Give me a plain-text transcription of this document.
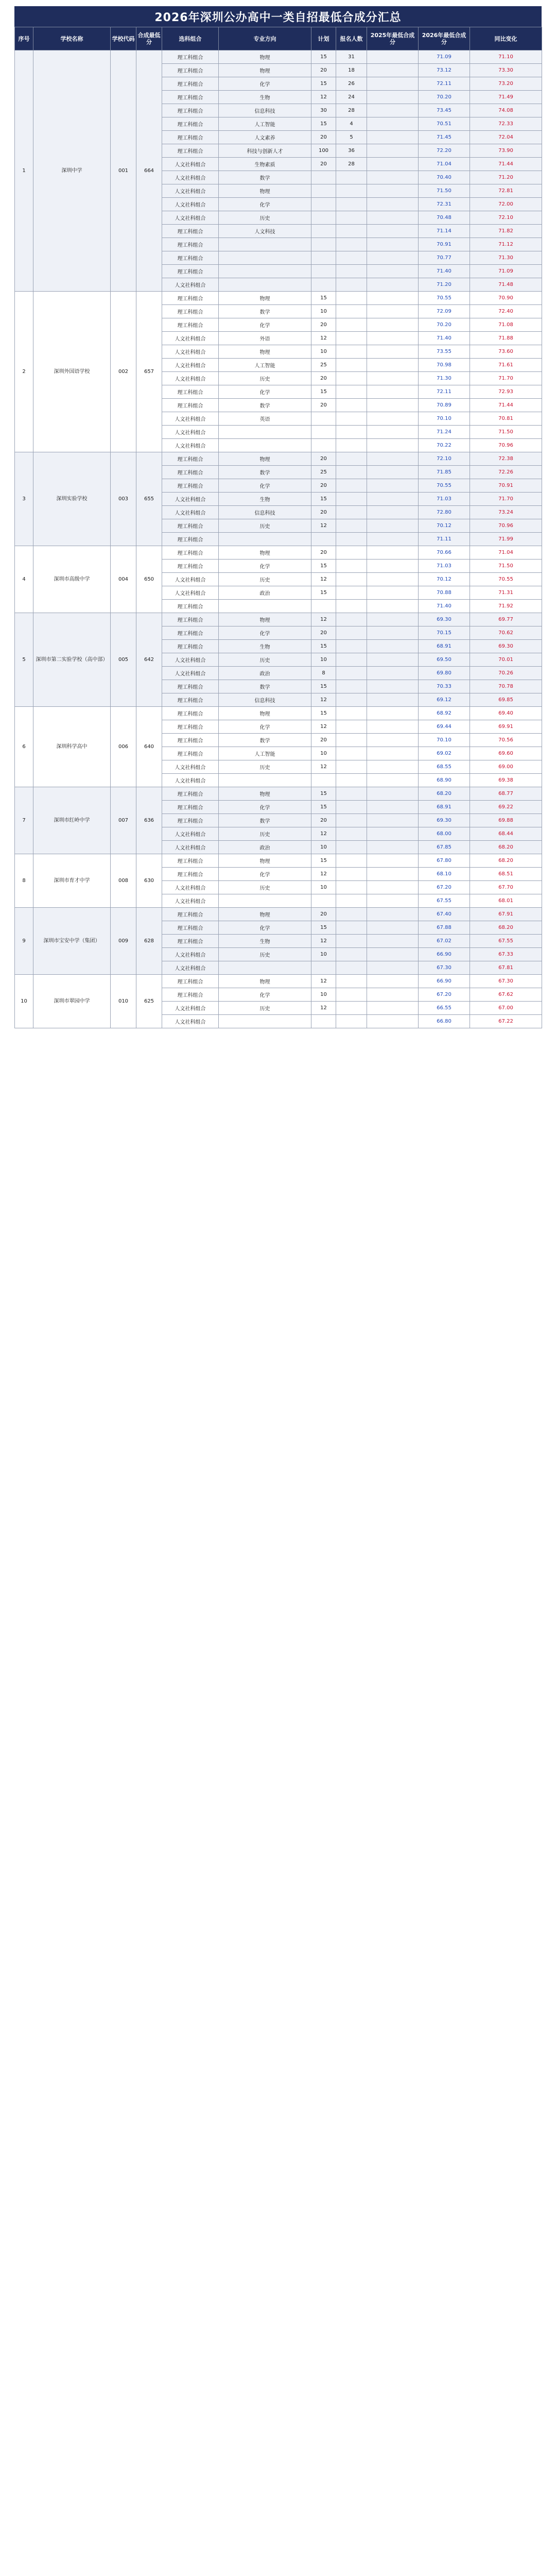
2026年深圳公办高中一类自招最低合成分汇总
序号	学校名称	学校代码	合成最低分	选科组合	专业方向	计划	报名人数	2025年最低合成分	2026年最低合成分	同比变化
1	深圳中学	001	664	理工科组合	物理	15	31		71.09	71.10
				理工科组合	物理	20	18		73.12	73.30
				理工科组合	化学	15	26		72.11	73.20
				理工科组合	生物	12	24		70.20	71.49
				理工科组合	信息科技	30	28		73.45	74.08
				理工科组合	人工智能	15	4		70.51	72.33
				理工科组合	人文素养	20	5		71.45	72.04
				理工科组合	科技与创新人才	100	36		72.20	73.90
				人文社科组合	生物素质	20	28		71.04	71.44
				人文社科组合	数学				70.40	71.20
				人文社科组合	物理				71.50	72.81
				人文社科组合	化学				72.31	72.00
				人文社科组合	历史				70.48	72.10
				理工科组合	人文科技				71.14	71.82
				理工科组合					70.91	71.12
				理工科组合					70.77	71.30
				理工科组合					71.40	71.09
				人文社科组合					71.20	71.48
2	深圳外国语学校	002	657	理工科组合	物理	15			70.55	70.90
				理工科组合	数学	10			72.09	72.40
				理工科组合	化学	20			70.20	71.08
				人文社科组合	外语	12			71.40	71.88
				人文社科组合	物理	10			73.55	73.60
				人文社科组合	人工智能	25			70.98	71.61
				人文社科组合	历史	20			71.30	71.70
				理工科组合	化学	15			72.11	72.93
				理工科组合	数学	20			70.89	71.44
				人文社科组合	英语				70.10	70.81
				人文社科组合					71.24	71.50
				人文社科组合					70.22	70.96
3	深圳实验学校	003	655	理工科组合	物理	20			72.10	72.38
				理工科组合	数学	25			71.85	72.26
				理工科组合	化学	20			70.55	70.91
				人文社科组合	生物	15			71.03	71.70
				人文社科组合	信息科技	20			72.80	73.24
				理工科组合	历史	12			70.12	70.96
				理工科组合					71.11	71.99
4	深圳市高级中学	004	650	理工科组合	物理	20			70.66	71.04
				理工科组合	化学	15			71.03	71.50
				人文社科组合	历史	12			70.12	70.55
				人文社科组合	政治	15			70.88	71.31
				理工科组合					71.40	71.92
5	深圳市第二实验学校（高中部）	005	642	理工科组合	物理	12			69.30	69.77
				理工科组合	化学	20			70.15	70.62
				理工科组合	生物	15			68.91	69.30
				人文社科组合	历史	10			69.50	70.01
				人文社科组合	政治	8			69.80	70.26
				理工科组合	数学	15			70.33	70.78
				理工科组合	信息科技	12			69.12	69.85
6	深圳科学高中	006	640	理工科组合	物理	15			68.92	69.40
				理工科组合	化学	12			69.44	69.91
				理工科组合	数学	20			70.10	70.56
				理工科组合	人工智能	10			69.02	69.60
				人文社科组合	历史	12			68.55	69.00
				人文社科组合					68.90	69.38
7	深圳市红岭中学	007	636	理工科组合	物理	15			68.20	68.77
				理工科组合	化学	15			68.91	69.22
				理工科组合	数学	20			69.30	69.88
				人文社科组合	历史	12			68.00	68.44
				人文社科组合	政治	10			67.85	68.20
8	深圳市育才中学	008	630	理工科组合	物理	15			67.80	68.20
				理工科组合	化学	12			68.10	68.51
				人文社科组合	历史	10			67.20	67.70
				人文社科组合					67.55	68.01
9	深圳市宝安中学（集团）	009	628	理工科组合	物理	20			67.40	67.91
				理工科组合	化学	15			67.88	68.20
				理工科组合	生物	12			67.02	67.55
				人文社科组合	历史	10			66.90	67.33
				人文社科组合					67.30	67.81
10	深圳市翠园中学	010	625	理工科组合	物理	12			66.90	67.30
				理工科组合	化学	10			67.20	67.62
				人文社科组合	历史	12			66.55	67.00
				人文社科组合					66.80	67.22
